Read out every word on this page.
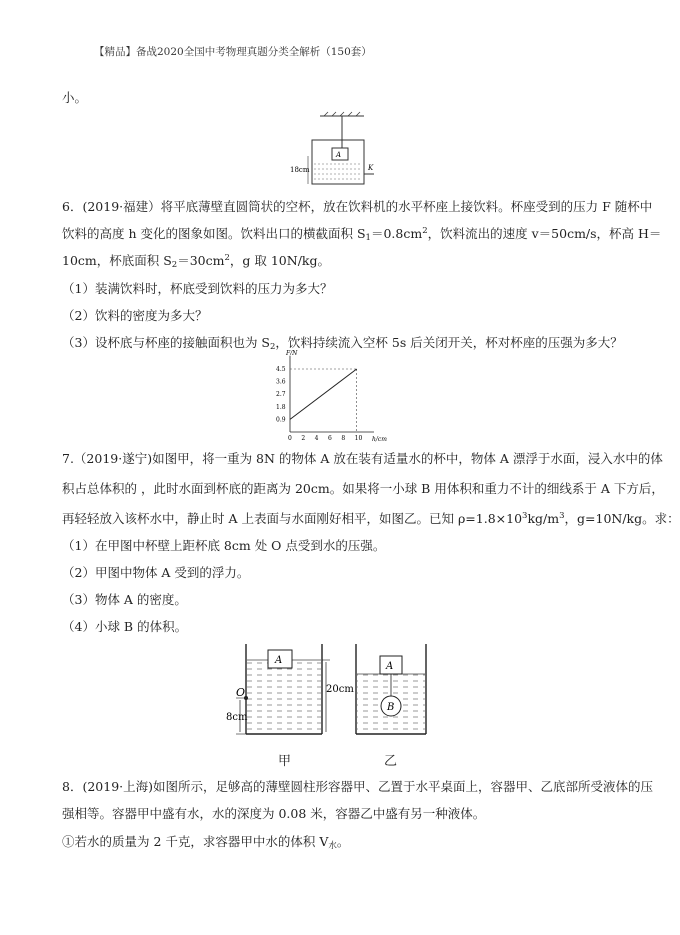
【精品】备战2020全国中考物理真题分类全解析（150套）
小。
A
K
18cm
6．(2019·福建）将平底薄壁直圆筒状的空杯，放在饮料机的水平杯座上接饮料。杯座受到的压力 F 随杯中
饮料的高度 h 变化的图象如图。饮料出口的横截面积 $S_1=0.8cm^2$，饮料流出的速度 v＝50cm/s，杯高 H＝
10cm，杯底面积 $S_2=30cm^2$，g 取 10N/kg。
（1）装满饮料时，杯底受到饮料的压力为多大？
（2）饮料的密度为多大？
（3）设杯底与杯座的接触面积也为 $S_2$，饮料持续流入空杯 5s 后关闭开关，杯对杯座的压强为多大？
F/N
h/cm
0 2 4 6 8 10
0.9
1.8
2.7
3.6
4.5
7.（2019·遂宁)如图甲，将一重为 8N 的物体 A 放在装有适量水的杯中，物体 A 漂浮于水面，浸入水中的体
积占总体积的 ，此时水面到杯底的距离为 20cm。如果将一小球 B 用体积和重力不计的细线系于 A 下方后，
再轻轻放入该杯水中，静止时 A 上表面与水面刚好相平，如图乙。已知 $\rho=1.8\times 10^3kg/m^3$，g=10N/kg。求：
（1）在甲图中杯壁上距杯底 8cm 处 O 点受到水的压强。
（2）甲图中物体 A 受到的浮力。
（3）物体 A 的密度。
（4）小球 B 的体积。
A
O
8cm
20cm
甲
A
B
乙
8．(2019·上海)如图所示，足够高的薄壁圆柱形容器甲、乙置于水平桌面上，容器甲、乙底部所受液体的压
强相等。容器甲中盛有水，水的深度为 0.08 米，容器乙中盛有另一种液体。
①若水的质量为 2 千克，求容器甲中水的体积 $V_水$。
